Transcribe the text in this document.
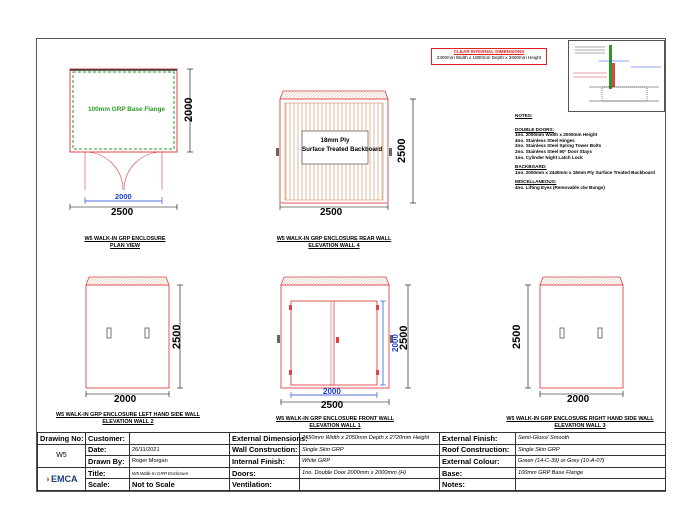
CLEAR INTERNAL DIMENSIONS
2300mm Width x 1800mm Depth x 2600mm Height
NOTES:
DOUBLE DOORS:
1no. 2000mm Width x 2000mm Height
4no. Stainless Steel Hinges
2no. Stainless Steel Spring Tower Bolts
2no. Stainless Steel 90° Door Stays
1no. Cylinder Night Latch Lock
BACKBOARD:
1no. 2000mm x 2440mm x 18mm Ply Surface Treated Backboard
MISCELLANEOUS:
4no. Lifting Eyes (Removable c/w Bungs)
100mm GRP Base Flange 2000
2000
2500
W5 WALK-IN GRP ENCLOSURE
PLAN VIEW
18mm Ply
Surface Treated Backboard 2500
2500
W5 WALK-IN GRP ENCLOSURE REAR WALL
ELEVATION WALL 4
2500
2000
W5 WALK-IN GRP ENCLOSURE LEFT HAND SIDE WALL
ELEVATION WALL 2
2000
2500
2000
2500
W5 WALK-IN GRP ENCLOSURE FRONT WALL
ELEVATION WALL 1
2500
2000
W5 WALK-IN GRP ENCLOSURE RIGHT HAND SIDE WALL
ELEVATION WALL 3
Drawing No:	Customer:		External Dimensions:	2550mm Width x 2050mm Depth x 2720mm Height	External Finish:	Semi-Gloss/ Smooth
W5	Date:	26/11/2021	Wall Construction:	Single Skin GRP	Roof Construction:	Single Skin GRP
	Drawn By:	Roger Morgan	Internal Finish:	White GRP	External Colour:	Green (14-C-39) or Grey (10-A-07)
◗EMCA	Title:	W5 Walk-In GRP Enclosure	Doors:	1no. Double Door 2000mm x 2000mm (H)	Base:	100mm GRP Base Flange
	Scale:	Not to Scale	Ventilation:		Notes:	
